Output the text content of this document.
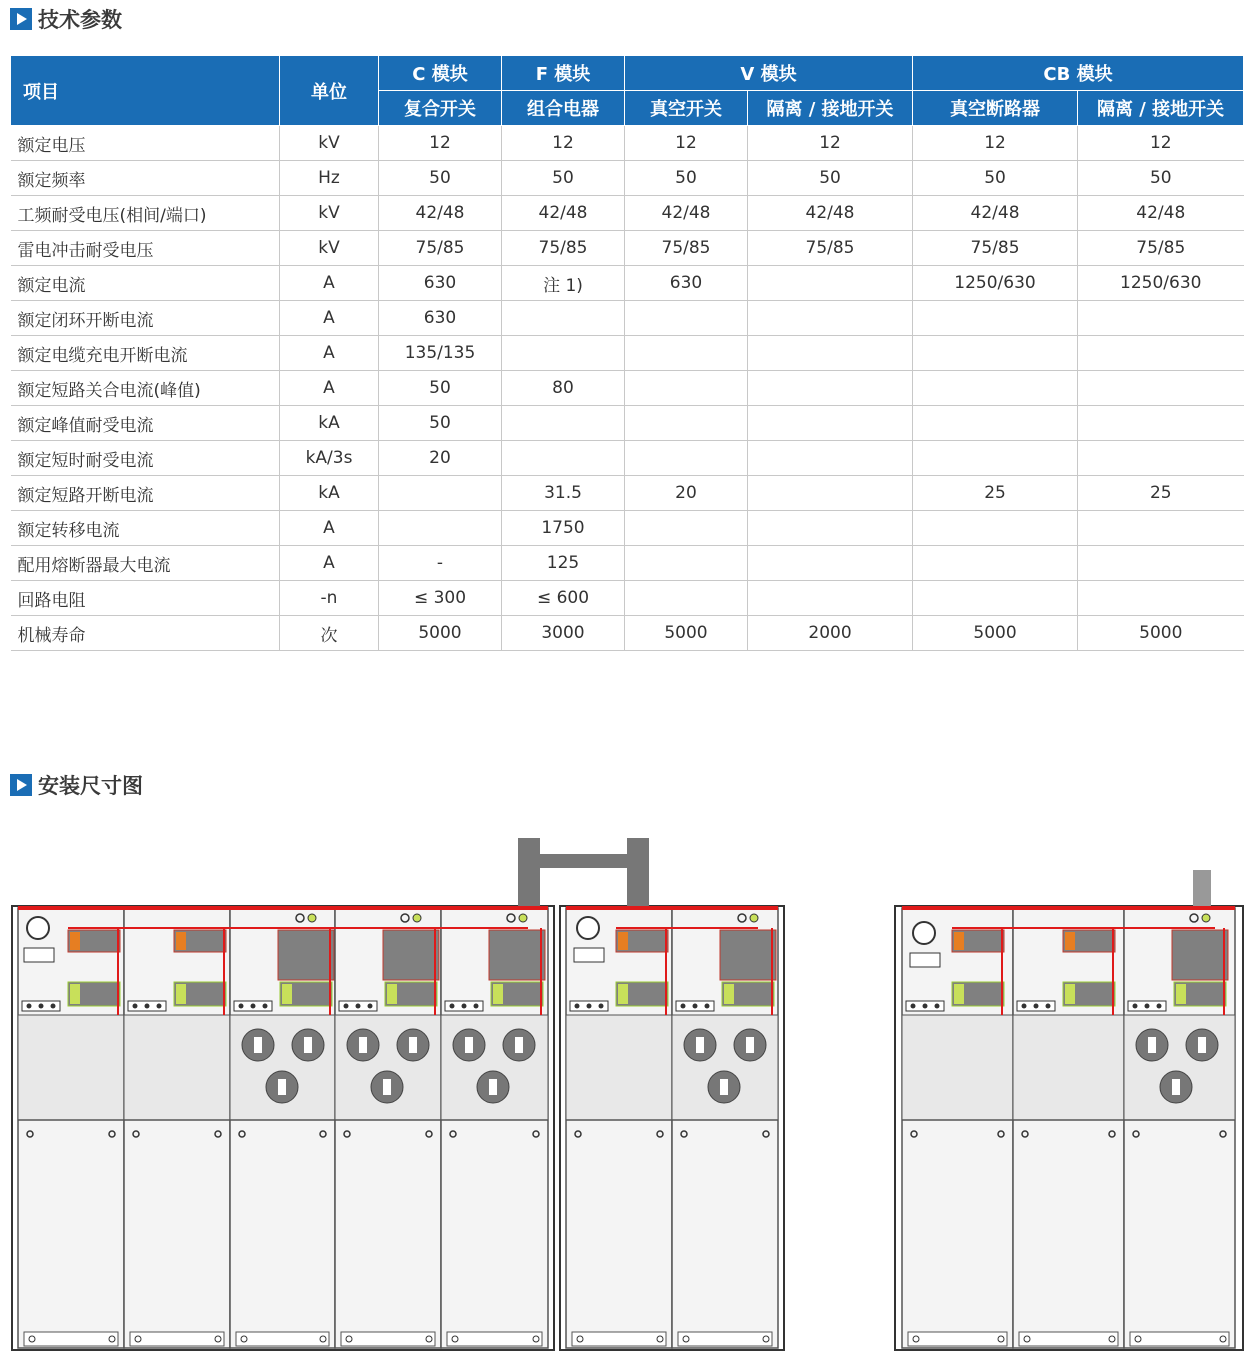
技术参数
项目	单位	C 模块	F 模块	V 模块		CB 模块	
		复合开关	组合电器	真空开关	隔离 / 接地开关	真空断路器	隔离 / 接地开关
额定电压	kV	12	12	12	12	12	12
额定频率	Hz	50	50	50	50	50	50
工频耐受电压(相间/端口)	kV	42/48	42/48	42/48	42/48	42/48	42/48
雷电冲击耐受电压	kV	75/85	75/85	75/85	75/85	75/85	75/85
额定电流	A	630	注 1)	630		1250/630	1250/630
额定闭环开断电流	A	630					
额定电缆充电开断电流	A	135/135					
额定短路关合电流(峰值)	A	50	80				
额定峰值耐受电流	kA	50					
额定短时耐受电流	kA/3s	20					
额定短路开断电流	kA		31.5	20		25	25
额定转移电流	A		1750				
配用熔断器最大电流	A	-	125				
回路电阻	-n	≤ 300	≤ 600				
机械寿命	次	5000	3000	5000	2000	5000	5000
安装尺寸图
